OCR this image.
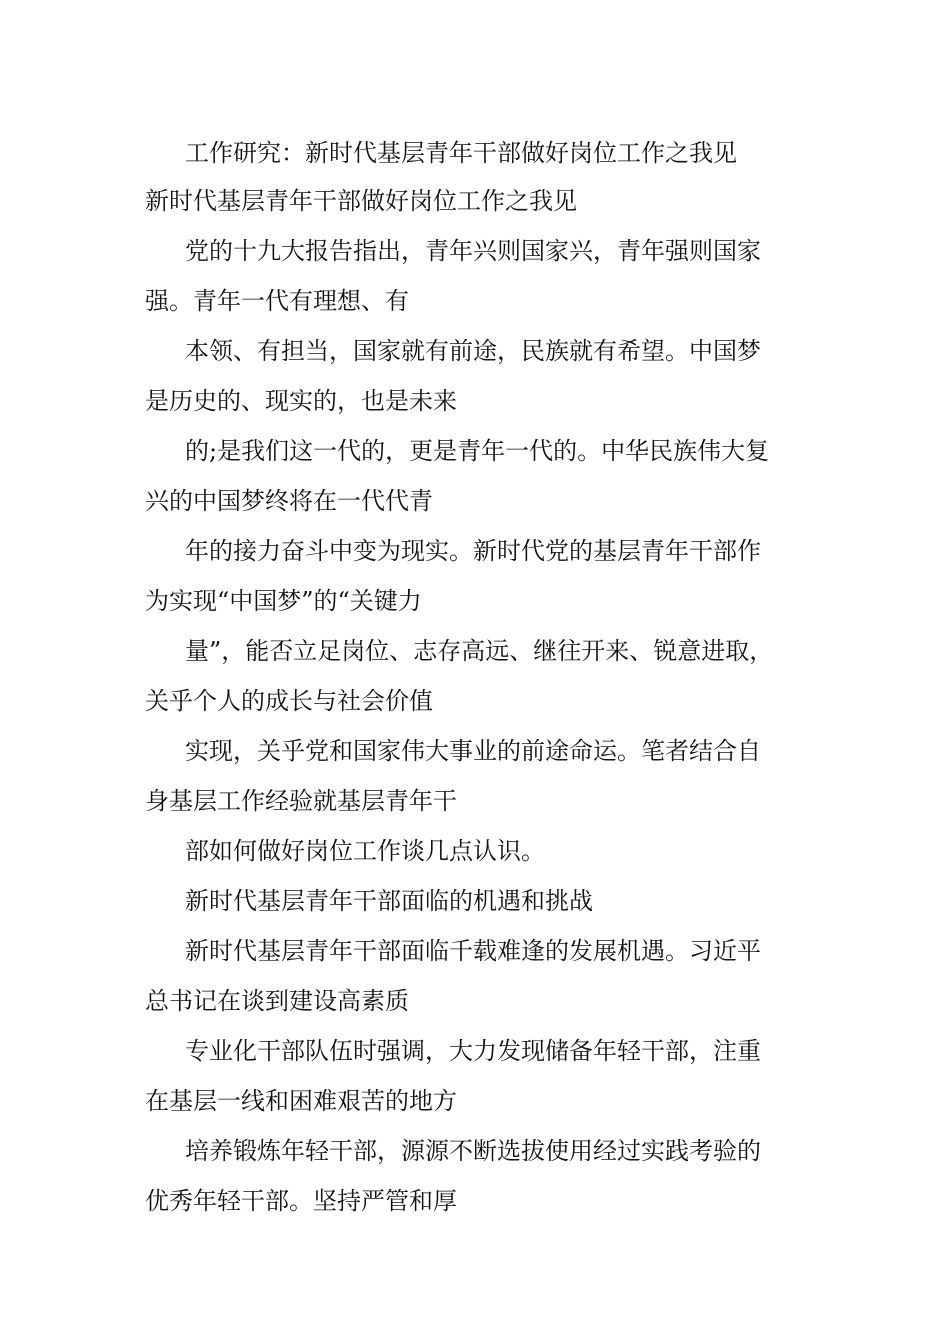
工作研究：新时代基层青年干部做好岗位工作之我见
新时代基层青年干部做好岗位工作之我见
党的十九大报告指出，青年兴则国家兴，青年强则国家
强。青年一代有理想、有
本领、有担当，国家就有前途，民族就有希望。中国梦
是历史的、现实的，也是未来
的;是我们这一代的，更是青年一代的。中华民族伟大复
兴的中国梦终将在一代代青
年的接力奋斗中变为现实。新时代党的基层青年干部作
为实现“中国梦”的“关键力
量”，能否立足岗位、志存高远、继往开来、锐意进取，
关乎个人的成长与社会价值
实现，关乎党和国家伟大事业的前途命运。笔者结合自
身基层工作经验就基层青年干
部如何做好岗位工作谈几点认识。
新时代基层青年干部面临的机遇和挑战
新时代基层青年干部面临千载难逢的发展机遇。习近平
总书记在谈到建设高素质
专业化干部队伍时强调，大力发现储备年轻干部，注重
在基层一线和困难艰苦的地方
培养锻炼年轻干部，源源不断选拔使用经过实践考验的
优秀年轻干部。坚持严管和厚
